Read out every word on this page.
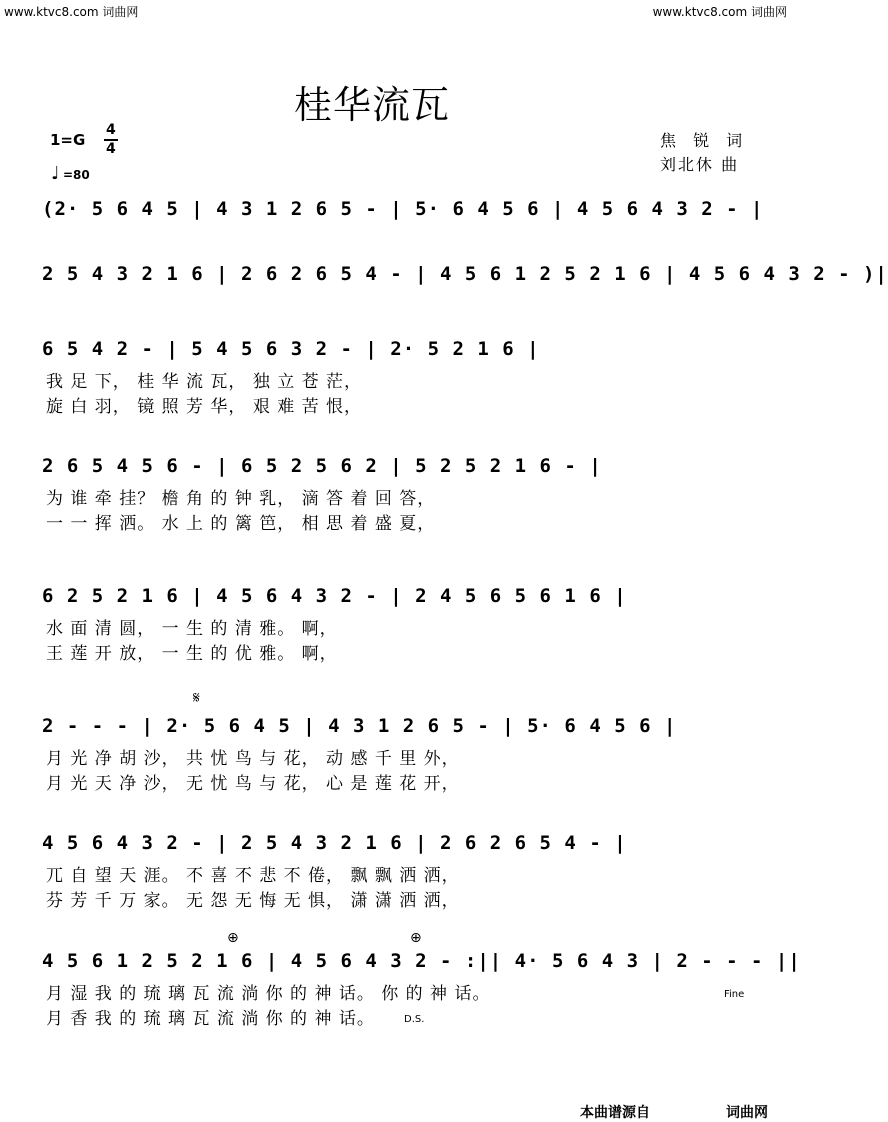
www.ktvc8.com 词曲网	www.ktvc8.com 词曲网
桂华流瓦
1=G
4
4
♩ =80
焦 锐 词
刘北休 曲
(2· 5 6 4 5 | 4 3 1 2 6 5 - | 5· 6 4 5 6 | 4 5 6 4 3 2 - |
2 5 4 3 2 1 6 | 2 6 2 6 5 4 - | 4 5 6 1 2 5 2 1 6 | 4 5 6 4 3 2 - )|
6 5 4 2 - | 5 4 5 6 3 2 - | 2· 5 2 1 6 |
我 足 下， 桂 华 流 瓦， 独 立 苍 茫，
旋 白 羽， 镜 照 芳 华， 艰 难 苦 恨，
2 6 5 4 5 6 - | 6 5 2 5 6 2 | 5 2 5 2 1 6 - |
为 谁 牵 挂？ 檐 角 的 钟 乳， 滴 答 着 回 答，
一 一 挥 洒。 水 上 的 篱 笆， 相 思 着 盛 夏，
6 2 5 2 1 6 | 4 5 6 4 3 2 - | 2 4 5 6 5 6 1 6 |
水 面 清 圆， 一 生 的 清 雅。 啊，
王 莲 开 放， 一 生 的 优 雅。 啊，
2 - - - | 2· 5 6 4 5 | 4 3 1 2 6 5 - | 5· 6 4 5 6 |
月 光 净 胡 沙， 共 忧 鸟 与 花， 动 感 千 里 外，
月 光 天 净 沙， 无 忧 鸟 与 花， 心 是 莲 花 开，
4 5 6 4 3 2 - | 2 5 4 3 2 1 6 | 2 6 2 6 5 4 - |
兀 自 望 天 涯。 不 喜 不 悲 不 倦， 飘 飘 洒 洒，
芬 芳 千 万 家。 无 怨 无 悔 无 惧， 潇 潇 洒 洒，
4 5 6 1 2 5 2 1 6 | 4 5 6 4 3 2 - :|| 4· 5 6 4 3 | 2 - - - ||
月 湿 我 的 琉 璃 瓦 流 淌 你 的 神 话。 你 的 神 话。
月 香 我 的 琉 璃 瓦 流 淌 你 的 神 话。
𝄋
⊕	⊕
Fine
D.S.
本曲谱源自	词曲网
